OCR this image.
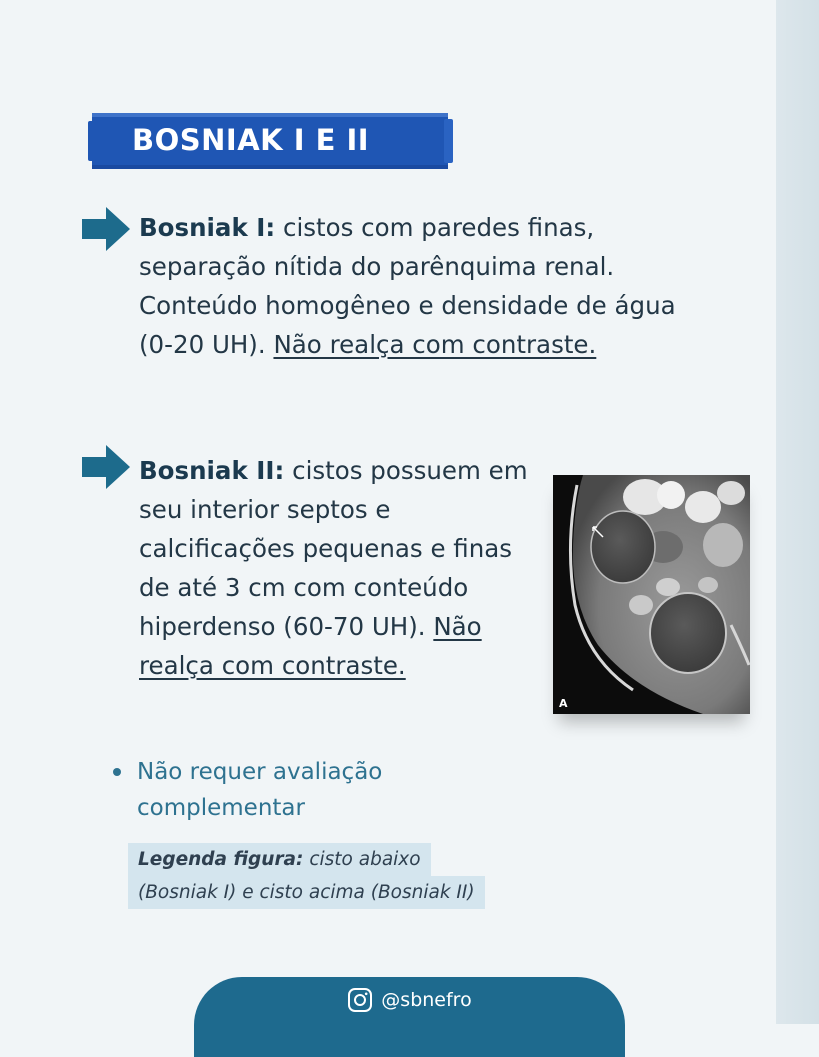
BOSNIAK I E II
Bosniak I: cistos com paredes finas, separação nítida do parênquima renal. Conteúdo homogêneo e densidade de água (0-20 UH). Não realça com contraste.
Bosniak II: cistos possuem em seu interior septos e calcificações pequenas e finas de até 3 cm com conteúdo hiperdenso (60-70 UH). Não realça com contraste.
A
Não requer avaliação complementar
Legenda figura: cisto abaixo
(Bosniak I) e cisto acima (Bosniak II)
@sbnefro
